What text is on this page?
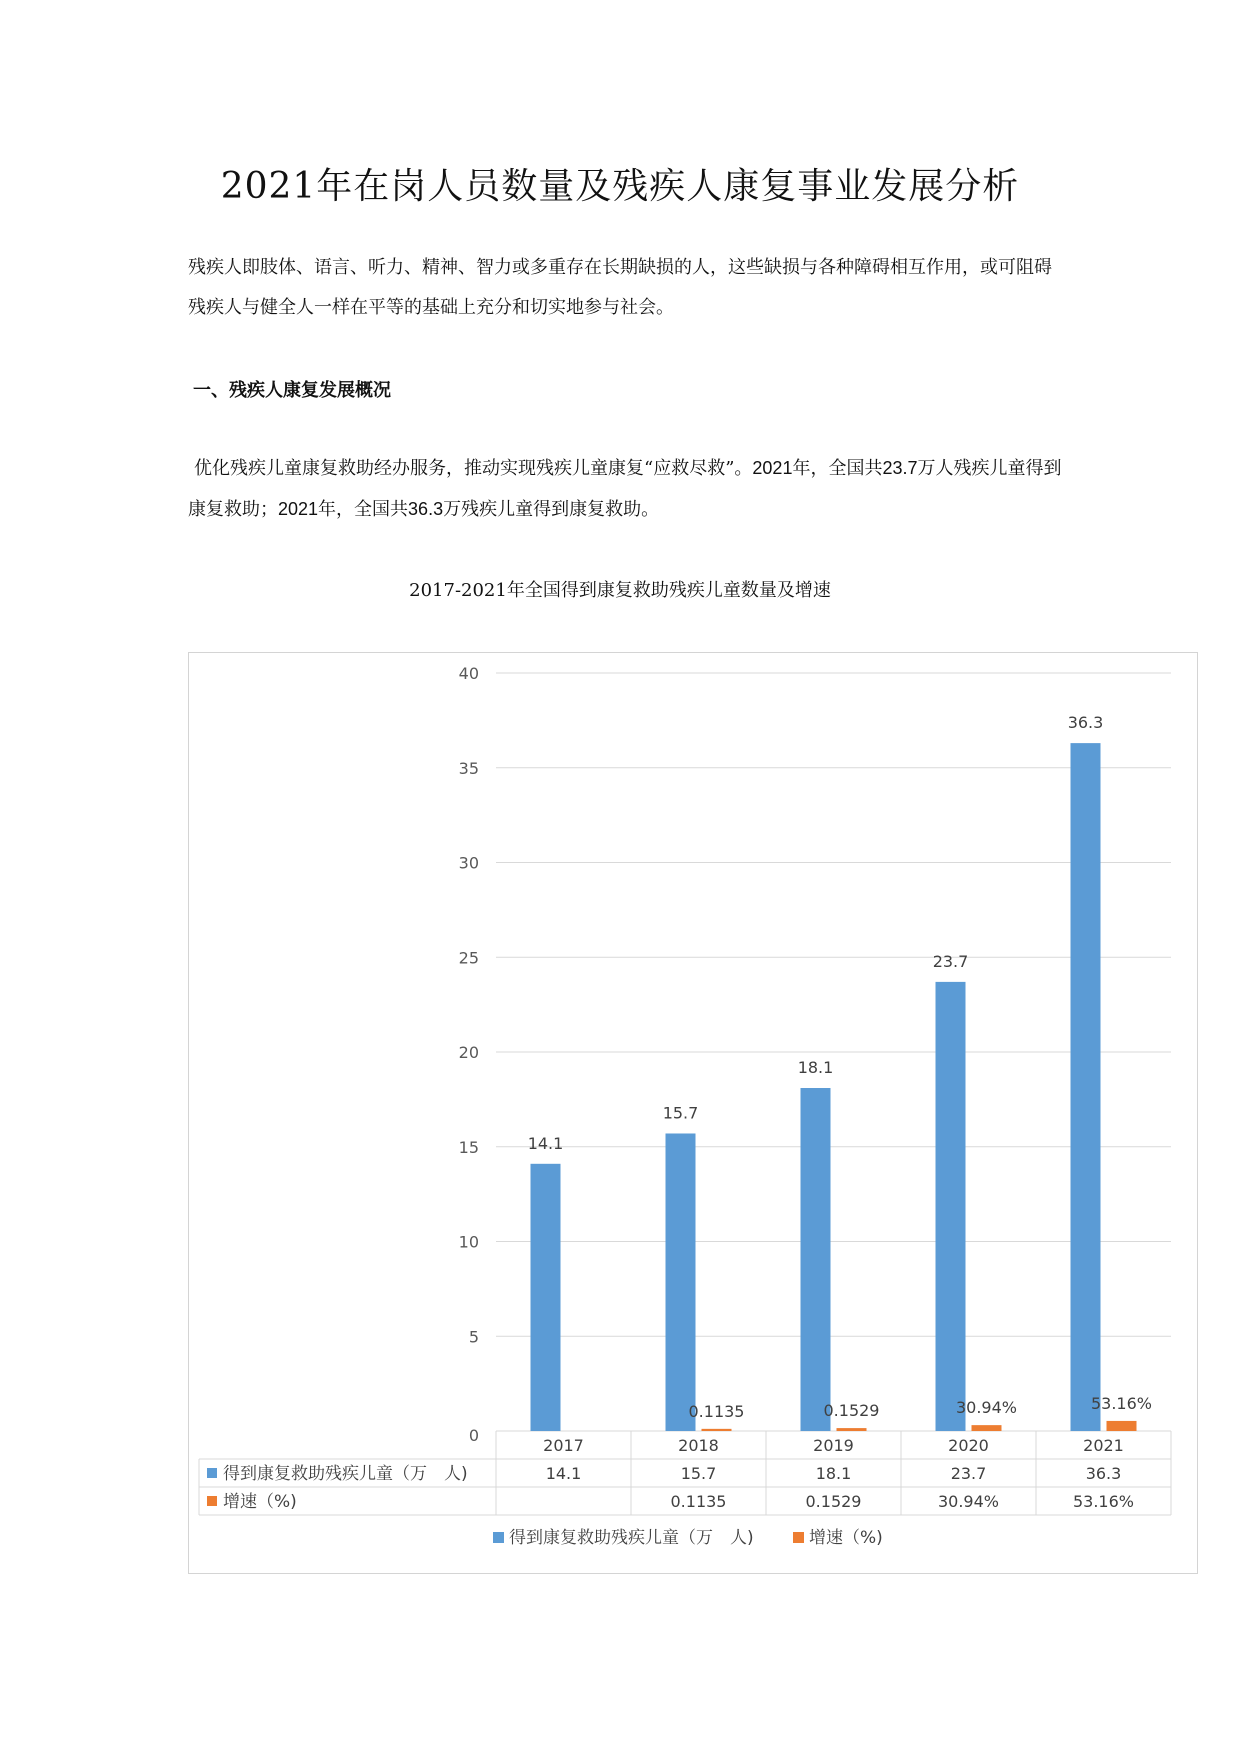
2021年在岗人员数量及残疾人康复事业发展分析

残疾人即肢体、语言、听力、精神、智力或多重存在长期缺损的人，这些缺损与各种障碍相互作用，或可阻碍残疾人与健全人一样在平等的基础上充分和切实地参与社会。

一、残疾人康复发展概况

优化残疾儿童康复救助经办服务，推动实现残疾儿童康复“应救尽救”。2021年，全国共23.7万人残疾儿童得到康复救助；2021年，全国共36.3万残疾儿童得到康复救助。

2017-2021年全国得到康复救助残疾儿童数量及增速

0
5
10
15
20
25
30
35
40
2017
14.1
14.1
2018
15.7
0.1135
15.7
0.1135
2019
18.1
0.1529
18.1
0.1529
2020
23.7
30.94%
23.7
30.94%
2021
36.3
53.16%
36.3
53.16%
得到康复救助残疾儿童（万　人)
增速（%)
得到康复救助残疾儿童（万　人)	增速（%)
